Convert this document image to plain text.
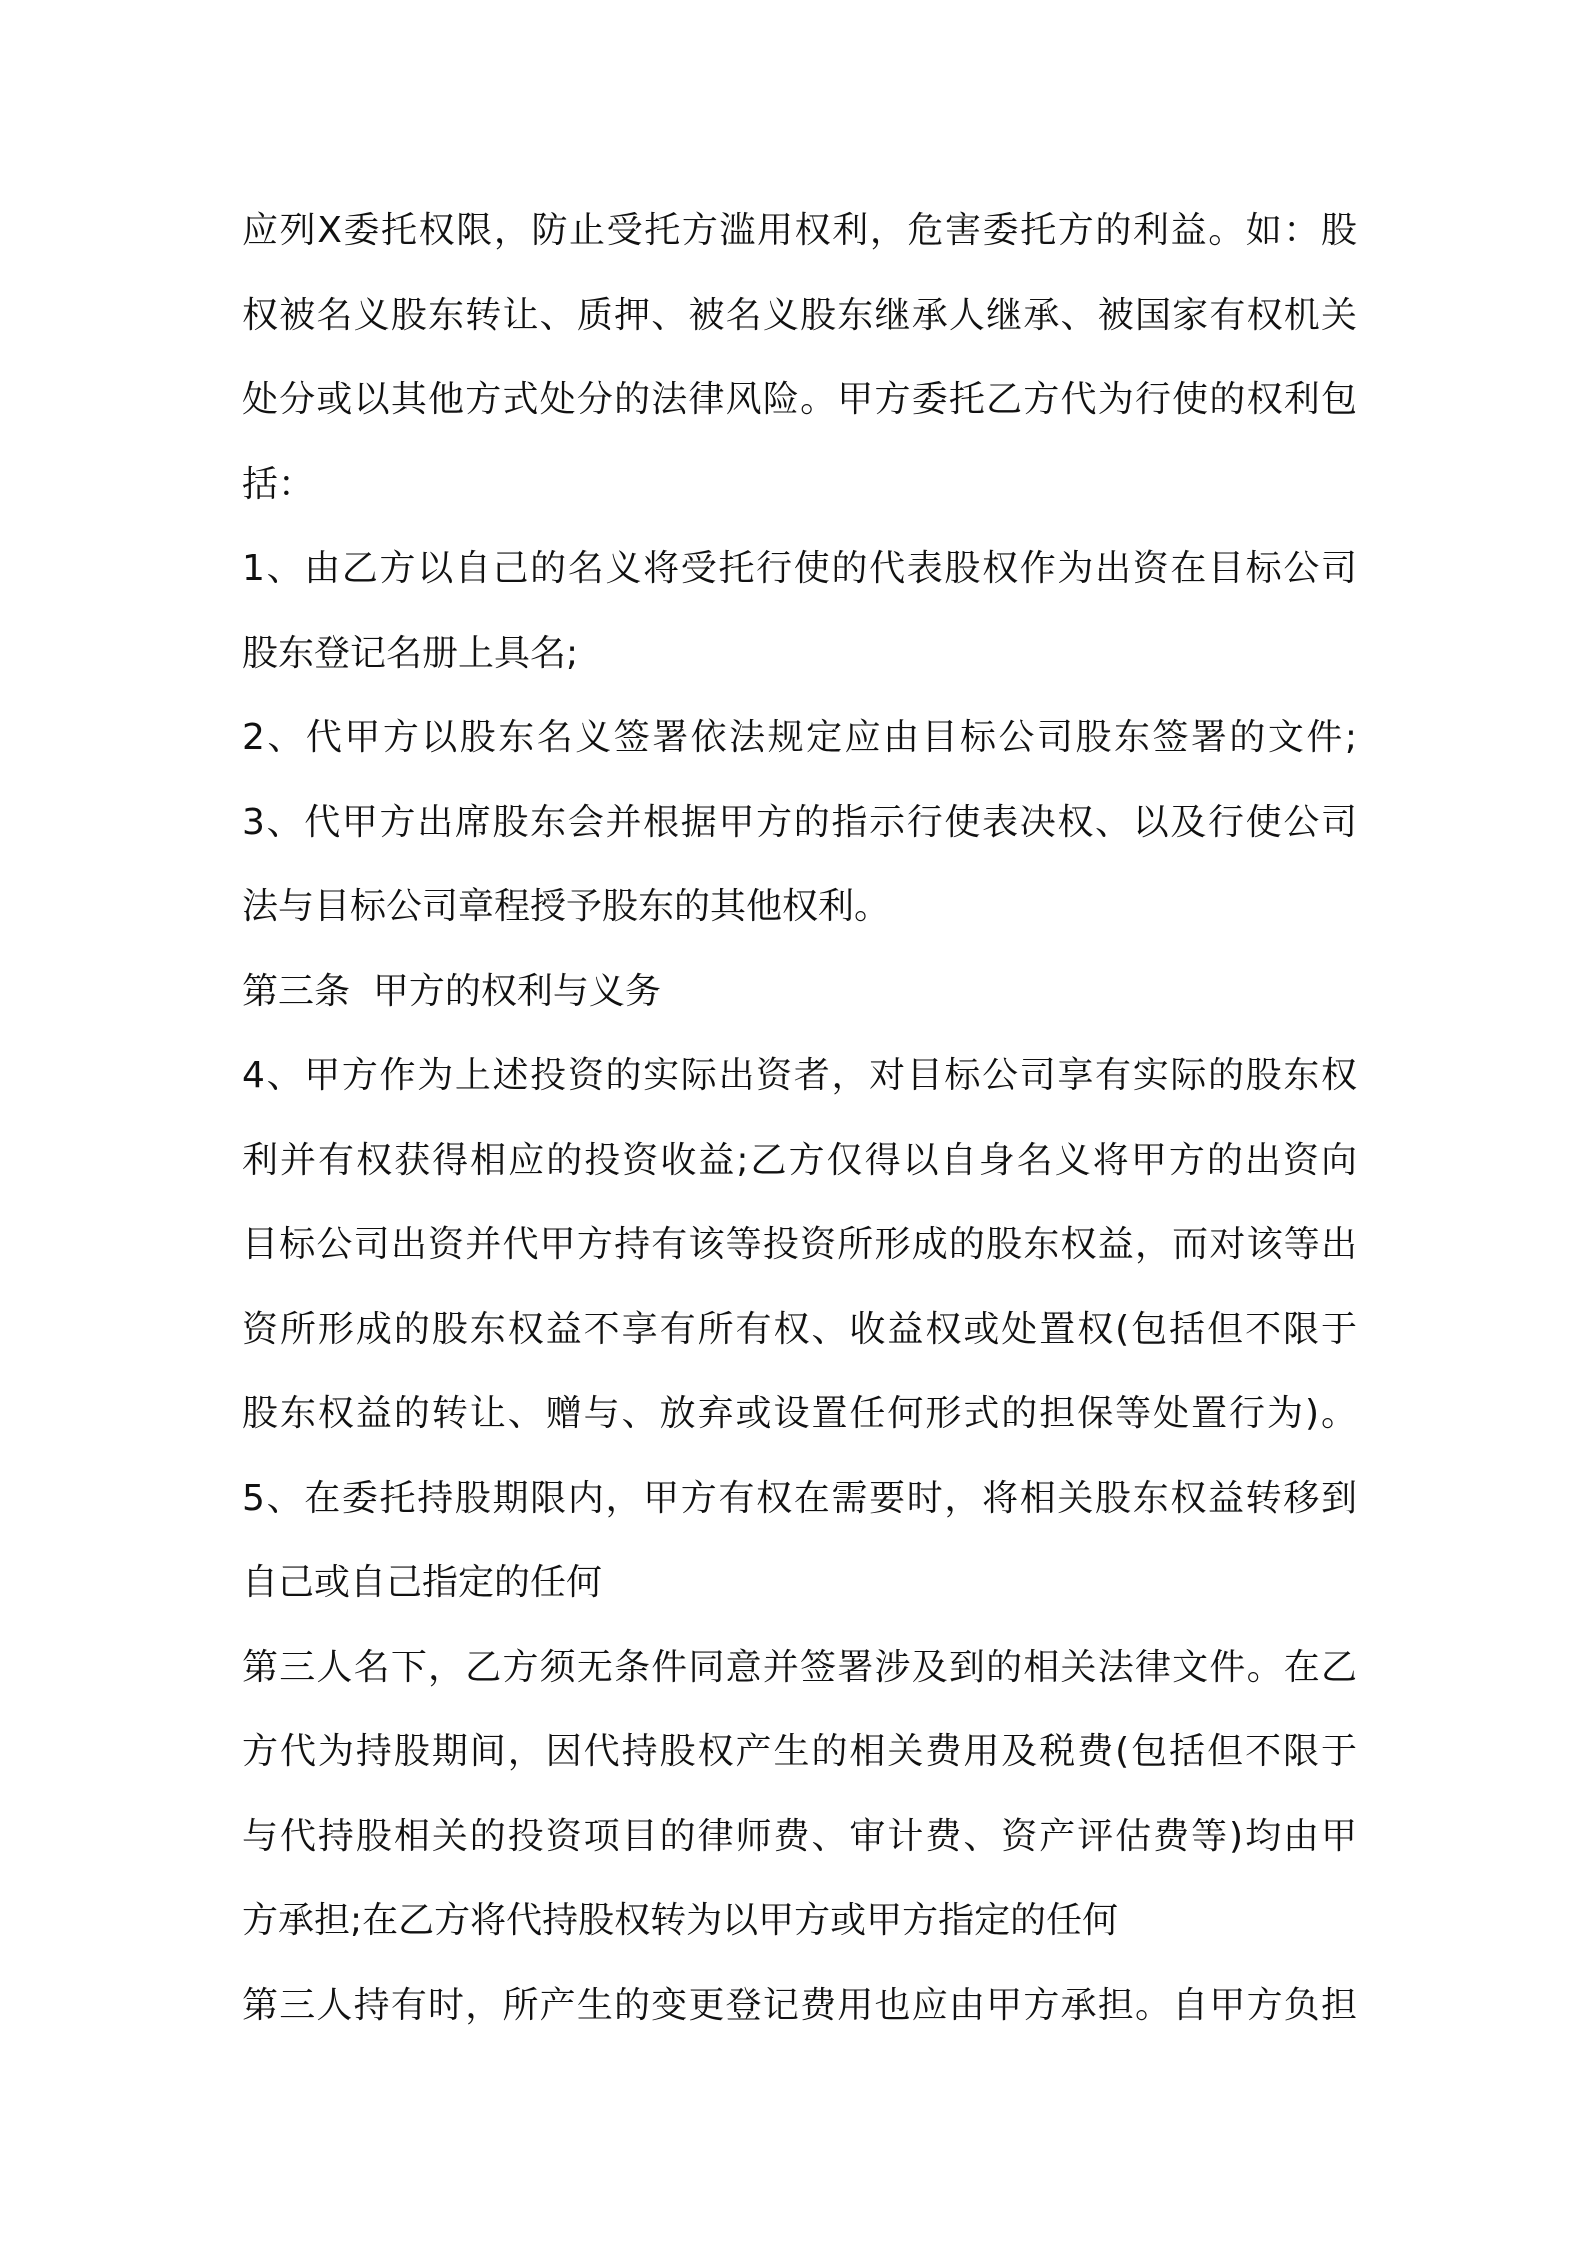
应列Ⅹ委托权限，防止受托方滥用权利，危害委托方的利益。如：股
权被名义股东转让、质押、被名义股东继承人继承、被国家有权机关
处分或以其他方式处分的法律风险。甲方委托乙方代为行使的权利包
括：
1、由乙方以自己的名义将受托行使的代表股权作为出资在目标公司
股东登记名册上具名;
2、代甲方以股东名义签署依法规定应由目标公司股东签署的文件;
3、代甲方出席股东会并根据甲方的指示行使表决权、以及行使公司
法与目标公司章程授予股东的其他权利。
第三条  甲方的权利与义务
4、甲方作为上述投资的实际出资者，对目标公司享有实际的股东权
利并有权获得相应的投资收益;乙方仅得以自身名义将甲方的出资向
目标公司出资并代甲方持有该等投资所形成的股东权益，而对该等出
资所形成的股东权益不享有所有权、收益权或处置权(包括但不限于
股东权益的转让、赠与、放弃或设置任何形式的担保等处置行为)。
5、在委托持股期限内，甲方有权在需要时，将相关股东权益转移到
自己或自己指定的任何
第三人名下，乙方须无条件同意并签署涉及到的相关法律文件。在乙
方代为持股期间，因代持股权产生的相关费用及税费(包括但不限于
与代持股相关的投资项目的律师费、审计费、资产评估费等)均由甲
方承担;在乙方将代持股权转为以甲方或甲方指定的任何
第三人持有时，所产生的变更登记费用也应由甲方承担。自甲方负担
